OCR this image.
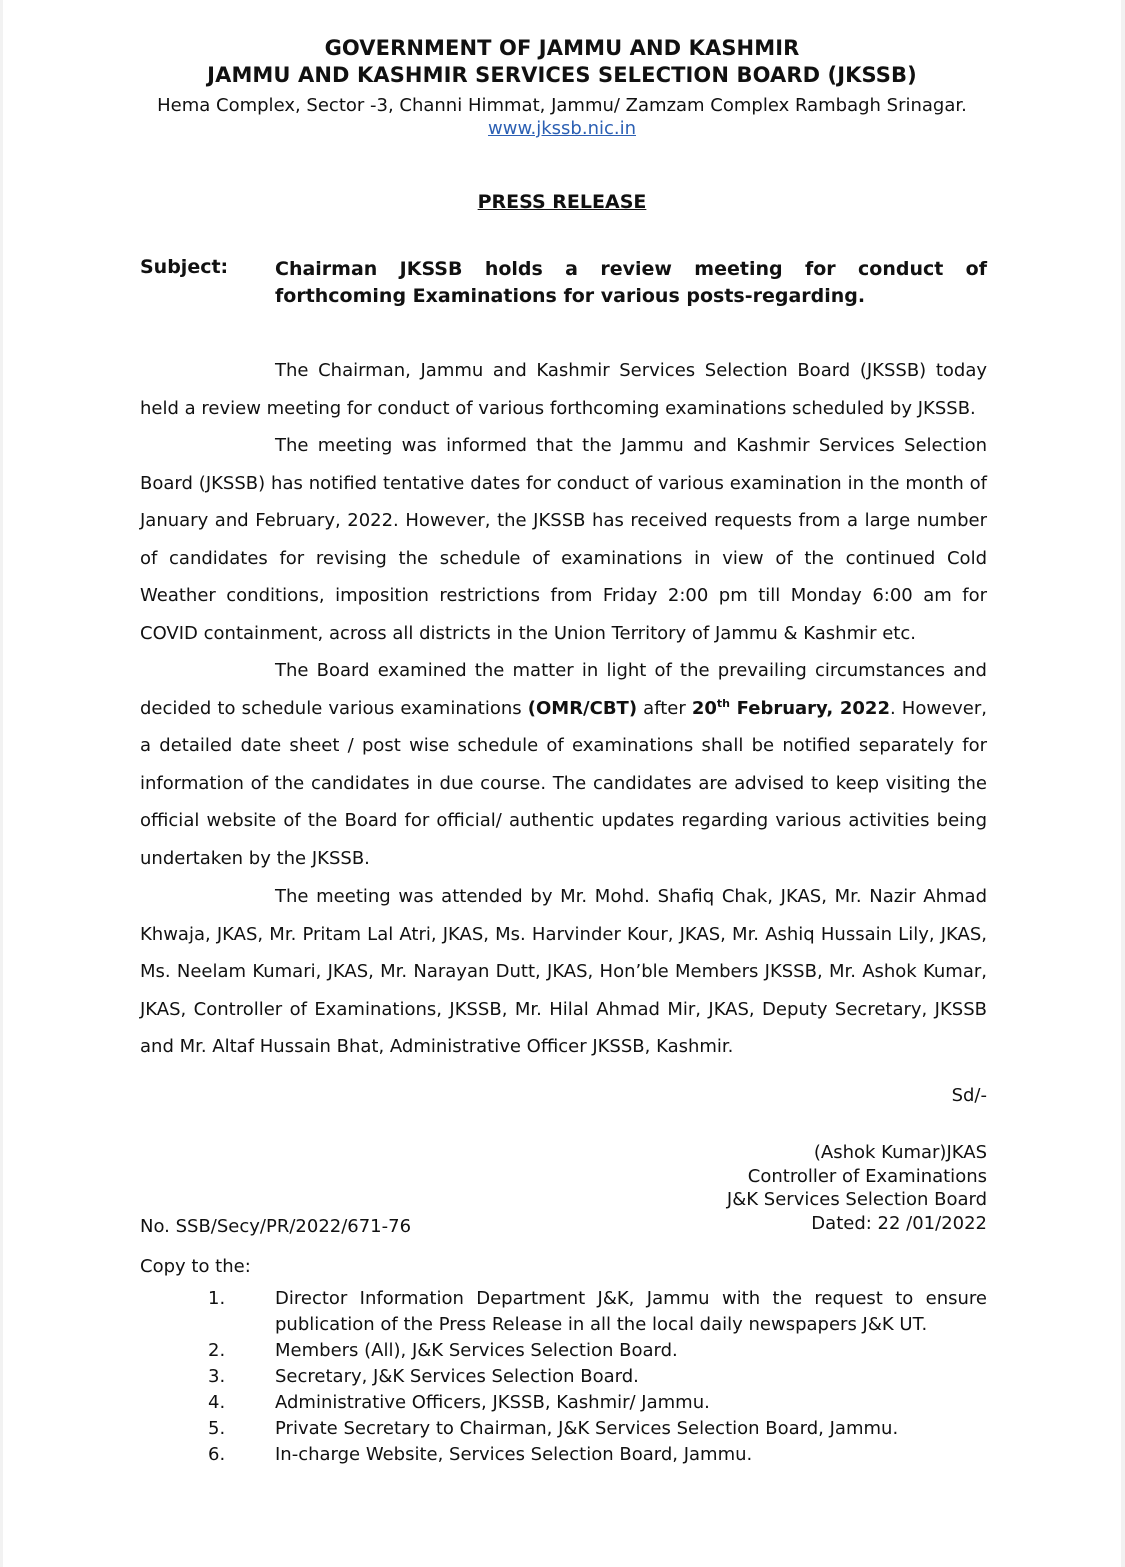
GOVERNMENT OF JAMMU AND KASHMIR
JAMMU AND KASHMIR SERVICES SELECTION BOARD (JKSSB)
Hema Complex, Sector -3, Channi Himmat, Jammu/ Zamzam Complex Rambagh Srinagar.
www.jkssb.nic.in
PRESS RELEASE
Subject: Chairman JKSSB holds a review meeting for conduct of forthcoming Examinations for various posts-regarding.
The Chairman, Jammu and Kashmir Services Selection Board (JKSSB) today held a review meeting for conduct of various forthcoming examinations scheduled by JKSSB.
The meeting was informed that the Jammu and Kashmir Services Selection Board (JKSSB) has notified tentative dates for conduct of various examination in the month of January and February, 2022. However, the JKSSB has received requests from a large number of candidates for revising the schedule of examinations in view of the continued Cold Weather conditions, imposition restrictions from Friday 2:00 pm till Monday 6:00 am for COVID containment, across all districts in the Union Territory of Jammu & Kashmir etc.
The Board examined the matter in light of the prevailing circumstances and decided to schedule various examinations (OMR/CBT) after 20th February, 2022. However, a detailed date sheet / post wise schedule of examinations shall be notified separately for information of the candidates in due course. The candidates are advised to keep visiting the official website of the Board for official/ authentic updates regarding various activities being undertaken by the JKSSB.
The meeting was attended by Mr. Mohd. Shafiq Chak, JKAS, Mr. Nazir Ahmad Khwaja, JKAS, Mr. Pritam Lal Atri, JKAS, Ms. Harvinder Kour, JKAS, Mr. Ashiq Hussain Lily, JKAS, Ms. Neelam Kumari, JKAS, Mr. Narayan Dutt, JKAS, Hon’ble Members JKSSB, Mr. Ashok Kumar, JKAS, Controller of Examinations, JKSSB, Mr. Hilal Ahmad Mir, JKAS, Deputy Secretary, JKSSB and Mr. Altaf Hussain Bhat, Administrative Officer JKSSB, Kashmir.
Sd/-
(Ashok Kumar)JKAS
Controller of Examinations
J&K Services Selection Board
Dated: 22 /01/2022
No. SSB/Secy/PR/2022/671-76
Copy to the:
1.	Director Information Department J&K, Jammu with the request to ensure publication of the Press Release in all the local daily newspapers J&K UT.
2.	Members (All), J&K Services Selection Board.
3.	Secretary, J&K Services Selection Board.
4.	Administrative Officers, JKSSB, Kashmir/ Jammu.
5.	Private Secretary to Chairman, J&K Services Selection Board, Jammu.
6.	In-charge Website, Services Selection Board, Jammu.
